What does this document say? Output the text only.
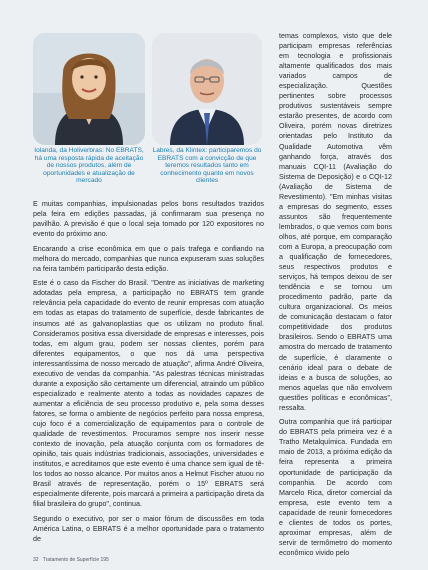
Iolanda, da Holiverbras: No EBRATS, há uma resposta rápida de aceitação de nossos produtos, além de oportunidades e atualização de mercado
Labres, da Klintex: participaremos do EBRATS com a convicção de que teremos resultados tanto em conhecimento quanto em novos clientes

E muitas companhias, impulsionadas pelos bons resultados trazidos pela feira em edições passadas, já confirmaram sua presença no pavilhão. A previsão é que o local seja tomado por 120 expositores no evento do próximo ano.

Encarando a crise econômica em que o país trafega e confiando na melhora do mercado, companhias que nunca expuseram suas soluções na feira também participarão desta edição.

Este é o caso da Fischer do Brasil. "Dentre as iniciativas de marketing adotadas pela empresa, a participação no EBRATS tem grande relevância pela capacidade do evento de reunir empresas com atuação em todas as etapas do tratamento de superfície, desde fabricantes de insumos até as galvanoplastias que os utilizam no produto final. Consideramos positiva essa diversidade de empresas e interesses, pois todas, em algum grau, podem ser nossas clientes, porém para diferentes equipamentos, o que nos dá uma perspectiva interessantíssima de nosso mercado de atuação", afirma André Oliveira, executivo de vendas da companhia. "As palestras técnicas ministradas durante a exposição são certamente um diferencial, atraindo um público especializado e realmente atento a todas as novidades capazes de aumentar a eficiência de seu processo produtivo e, pela soma desses fatores, se forma o ambiente de negócios perfeito para nossa empresa, cujo foco é a comercialização de equipamentos para o controle de qualidade de revestimentos. Procuramos sempre nos inserir nesse contexto de inovação, pela atuação conjunta com os formadores de opinião, tais quais indústrias tradicionais, associações, universidades e institutos, e acreditamos que este evento é uma chance sem igual de tê-los todos ao nosso alcance. Por muitos anos a Helmut Fischer atuou no Brasil através de representação, porém o 15º EBRATS será especialmente diferente, pois marcará a primeira a participação direta da filial brasileira do grupo", continua.

Segundo o executivo, por ser o maior fórum de discussões em toda América Latina, o EBRATS é a melhor oportunidade para o tratamento de

temas complexos, visto que dele participam empresas referências em tecnologia e profissionais altamente qualificados dos mais variados campos de especialização. Questões pertinentes sobre processos produtivos sustentáveis sempre estarão presentes, de acordo com Oliveira, porém novas diretrizes orientadas pelo Instituto da Qualidade Automotiva vêm ganhando força, através dos manuais CQI-11 (Avaliação do Sistema de Deposição) e o CQI-12 (Avaliação de Sistema de Revestimento). "Em minhas visitas a empresas do segmento, esses assuntos são frequentemente lembrados, o que vemos com bons olhos, até porque, em comparação com a Europa, a preocupação com a qualificação de fornecedores, seus respectivos produtos e serviços, há tempos deixou de ser tendência e se tornou um procedimento padrão, parte da cultura organizacional. Os meios de comunicação destacam o fator competitividade dos produtos brasileiros. Sendo o EBRATS uma amostra do mercado de tratamento de superfície, é claramente o cenário ideal para o debate de ideias e a busca de soluções, ao menos aquelas que não envolvem questões políticas e econômicas", ressalta.

Outra companhia que irá participar do EBRATS pela primeira vez é a Tratho Metalquímica. Fundada em maio de 2013, a próxima edição da feira representa a primeira oportunidade de participação da companhia. De acordo com Marcelo Rica, diretor comercial da empresa, este evento tem a capacidade de reunir fornecedores e clientes de todos os portes, aproximar empresas, além de servir de termômetro do momento econômico vivido pelo

32 Tratamento de Superfície 195
